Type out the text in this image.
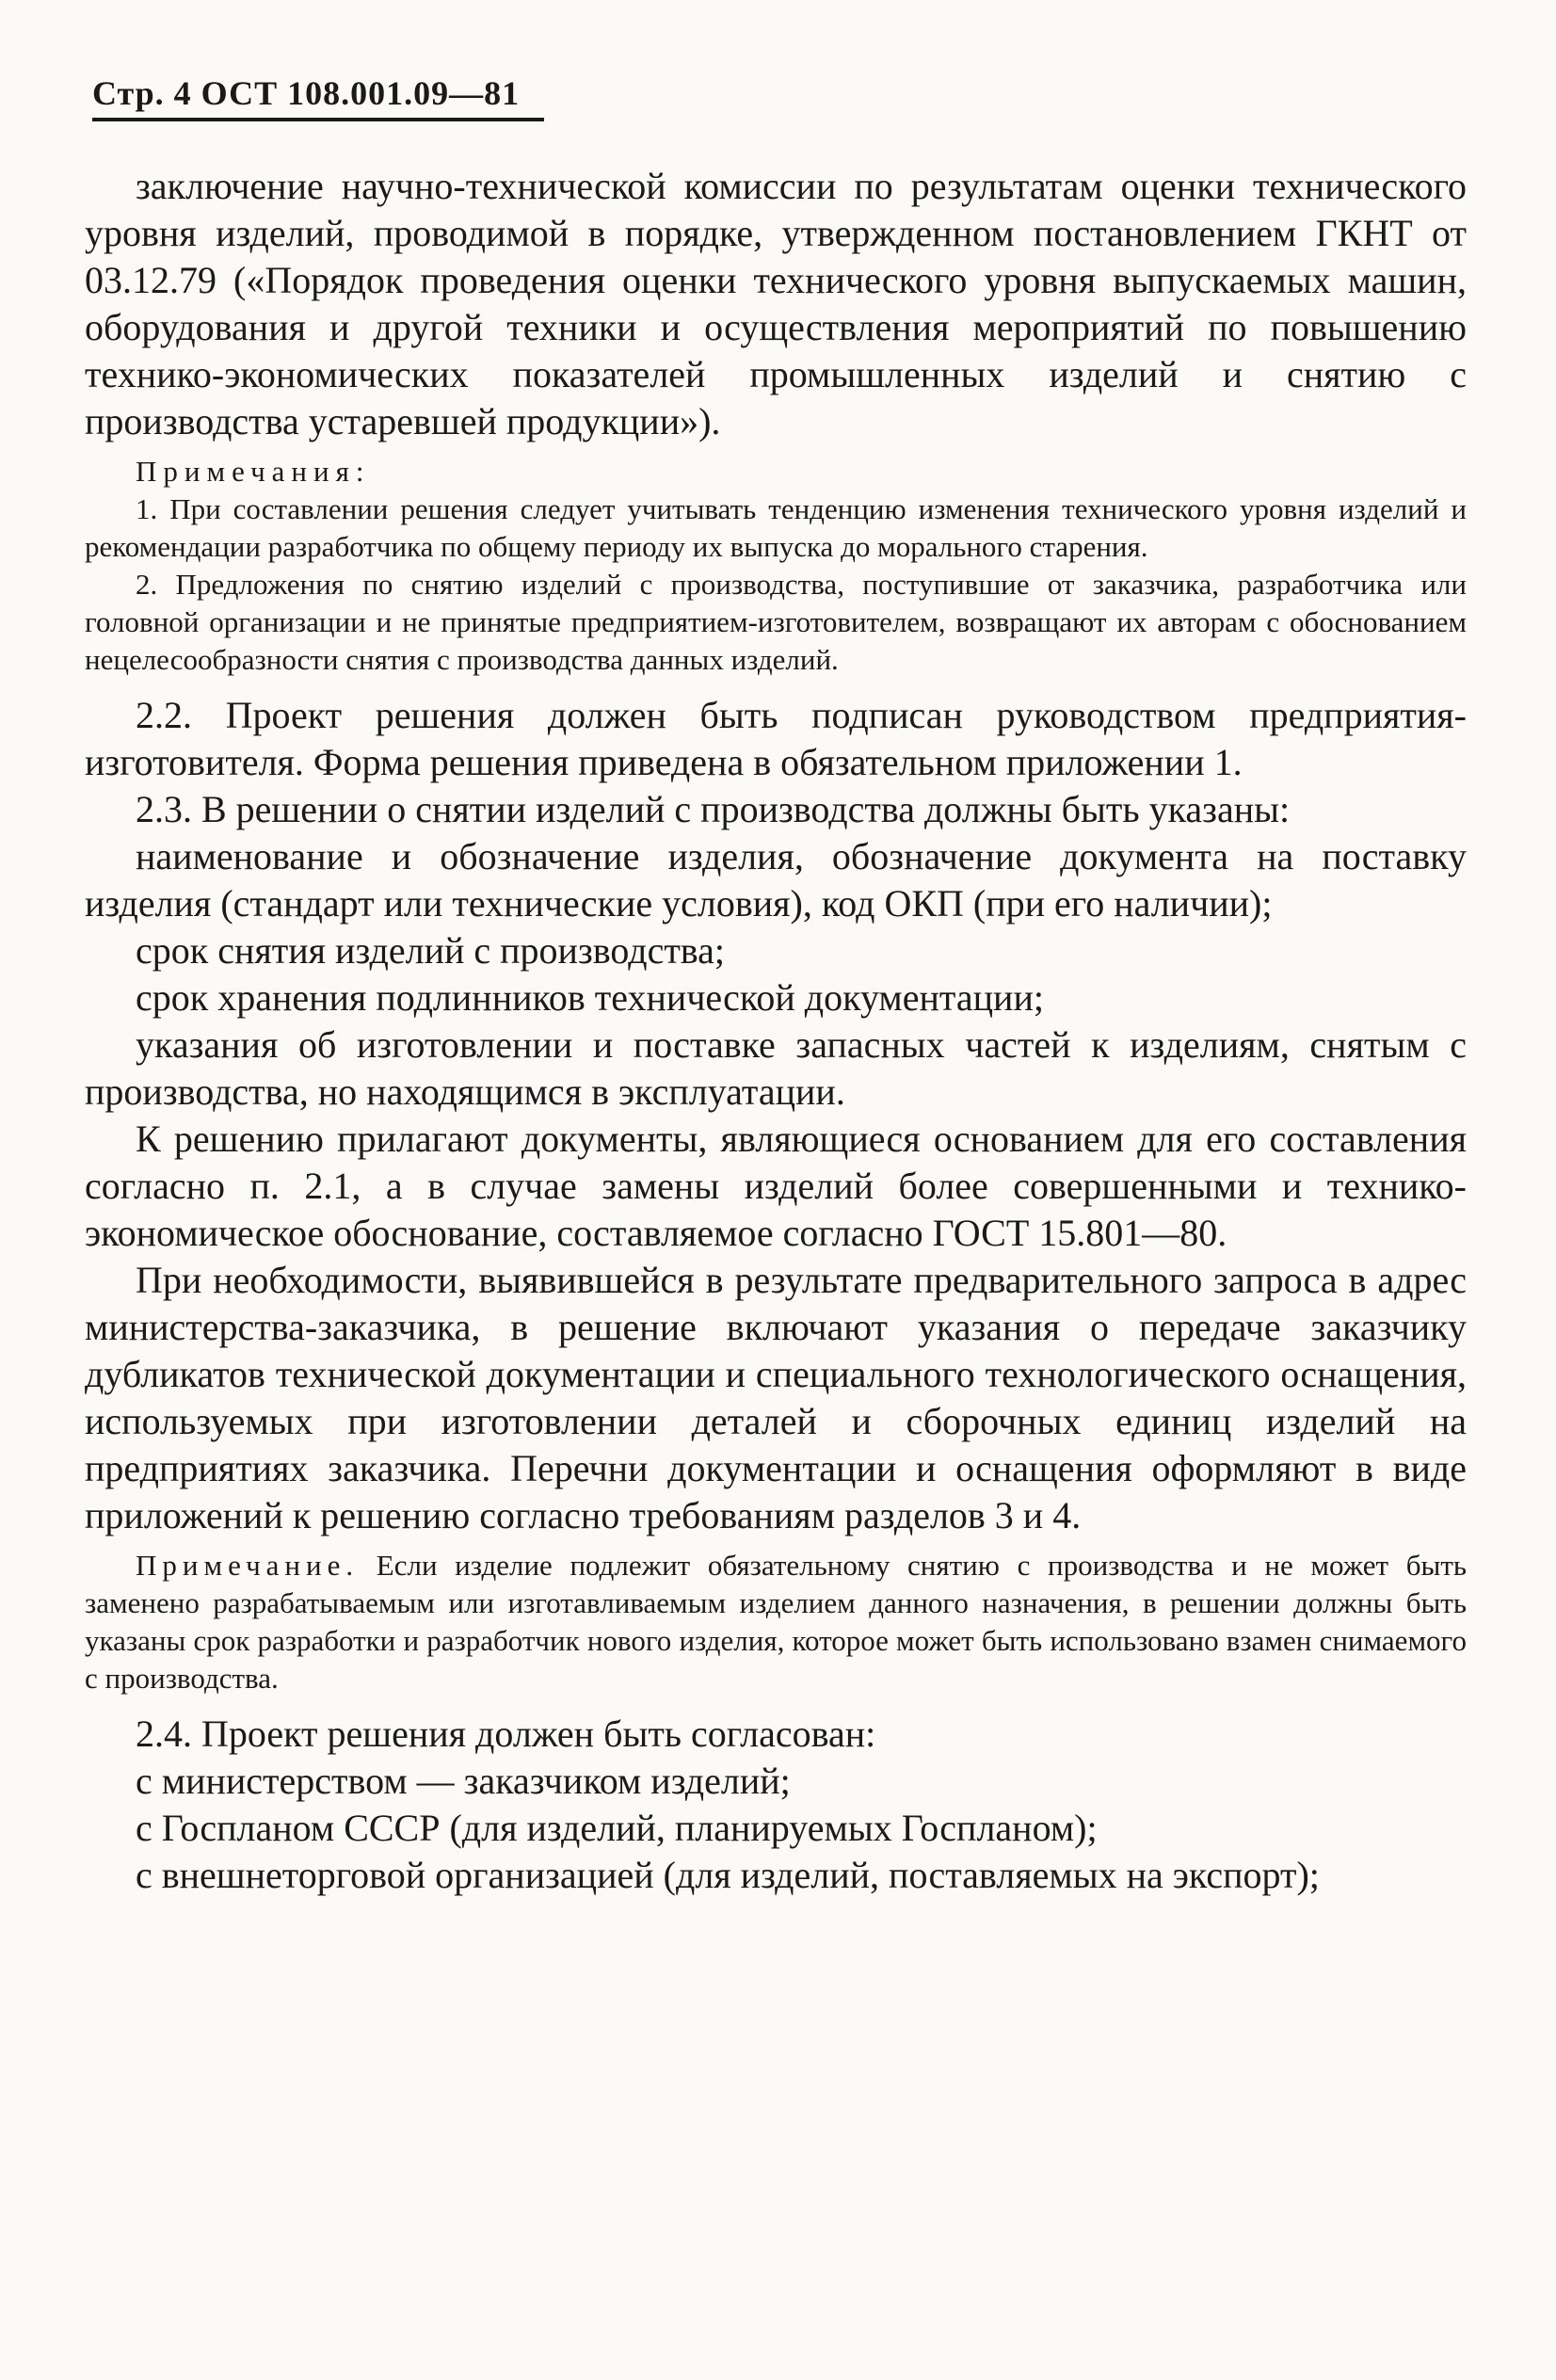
Стр. 4 ОСТ 108.001.09—81

заключение научно-технической комиссии по результатам оценки технического уровня изделий, проводимой в порядке, утвержденном постановлением ГКНТ от 03.12.79 («Порядок проведения оценки технического уровня выпускаемых машин, оборудования и другой техники и осуществления мероприятий по повышению технико-экономических показателей промышленных изделий и снятию с производства устаревшей продукции»).

Примечания:

1. При составлении решения следует учитывать тенденцию изменения технического уровня изделий и рекомендации разработчика по общему периоду их выпуска до морального старения.

2. Предложения по снятию изделий с производства, поступившие от заказчика, разработчика или головной организации и не принятые предприятием-изготовителем, возвращают их авторам с обоснованием нецелесообразности снятия с производства данных изделий.

2.2. Проект решения должен быть подписан руководством предприятия-изготовителя. Форма решения приведена в обязательном приложении 1.

2.3. В решении о снятии изделий с производства должны быть указаны:

наименование и обозначение изделия, обозначение документа на поставку изделия (стандарт или технические условия), код ОКП (при его наличии);

срок снятия изделий с производства;

срок хранения подлинников технической документации;

указания об изготовлении и поставке запасных частей к изделиям, снятым с производства, но находящимся в эксплуатации.

К решению прилагают документы, являющиеся основанием для его составления согласно п. 2.1, а в случае замены изделий более совершенными и технико-экономическое обоснование, составляемое согласно ГОСТ 15.801—80.

При необходимости, выявившейся в результате предварительного запроса в адрес министерства-заказчика, в решение включают указания о передаче заказчику дубликатов технической документации и специального технологического оснащения, используемых при изготовлении деталей и сборочных единиц изделий на предприятиях заказчика. Перечни документации и оснащения оформляют в виде приложений к решению согласно требованиям разделов 3 и 4.

Примечание. Если изделие подлежит обязательному снятию с производства и не может быть заменено разрабатываемым или изготавливаемым изделием данного назначения, в решении должны быть указаны срок разработки и разработчик нового изделия, которое может быть использовано взамен снимаемого с производства.

2.4. Проект решения должен быть согласован:

с министерством — заказчиком изделий;

с Госпланом СССР (для изделий, планируемых Госпланом);

с внешнеторговой организацией (для изделий, поставляемых на экспорт);
